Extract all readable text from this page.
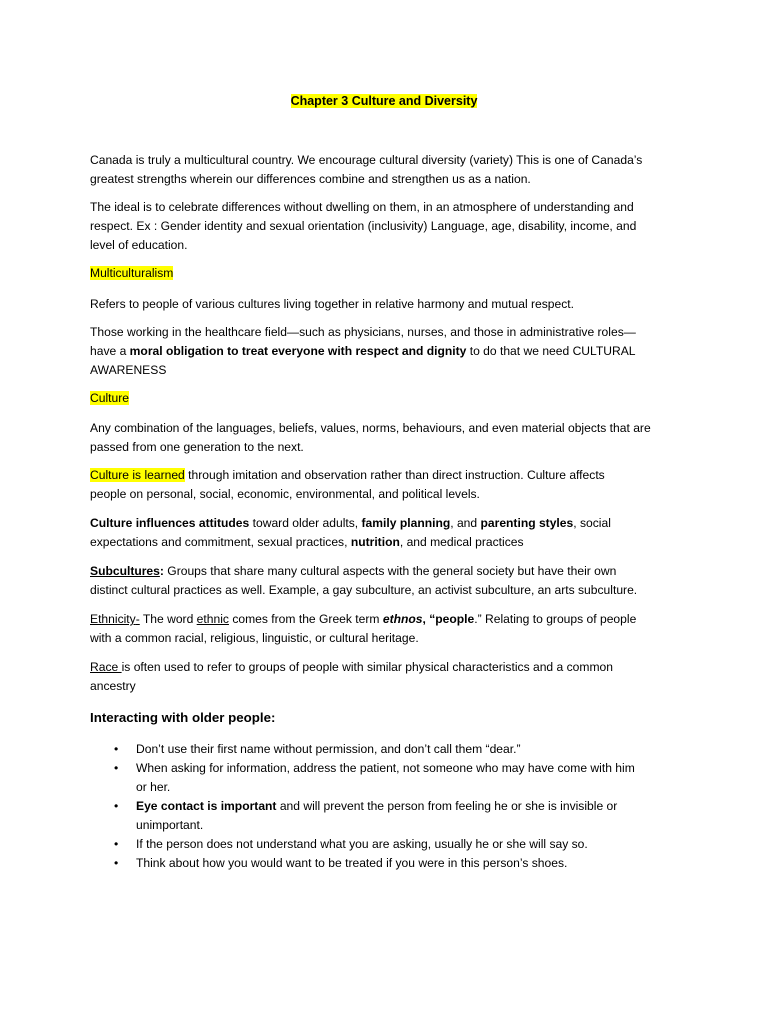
Chapter 3 Culture and Diversity
Canada is truly a multicultural country. We encourage cultural diversity (variety) This is one of Canada’s
greatest strengths wherein our differences combine and strengthen us as a nation.
The ideal is to celebrate differences without dwelling on them, in an atmosphere of understanding and
respect. Ex : Gender identity and sexual orientation (inclusivity) Language, age, disability, income, and
level of education.
Multiculturalism
Refers to people of various cultures living together in relative harmony and mutual respect.
Those working in the healthcare field—such as physicians, nurses, and those in administrative roles—
have a moral obligation to treat everyone with respect and dignity to do that we need CULTURAL
AWARENESS
Culture
Any combination of the languages, beliefs, values, norms, behaviours, and even material objects that are
passed from one generation to the next.
Culture is learned through imitation and observation rather than direct instruction. Culture affects
people on personal, social, economic, environmental, and political levels.
Culture influences attitudes toward older adults, family planning, and parenting styles, social
expectations and commitment, sexual practices, nutrition, and medical practices
Subcultures: Groups that share many cultural aspects with the general society but have their own
distinct cultural practices as well. Example, a gay subculture, an activist subculture, an arts subculture.
Ethnicity- The word ethnic comes from the Greek term ethnos, “people.” Relating to groups of people
with a common racial, religious, linguistic, or cultural heritage.
Race is often used to refer to groups of people with similar physical characteristics and a common
ancestry
Interacting with older people:
• Don’t use their first name without permission, and don’t call them “dear.”
• When asking for information, address the patient, not someone who may have come with him
or her.
• Eye contact is important and will prevent the person from feeling he or she is invisible or
unimportant.
• If the person does not understand what you are asking, usually he or she will say so.
• Think about how you would want to be treated if you were in this person’s shoes.
